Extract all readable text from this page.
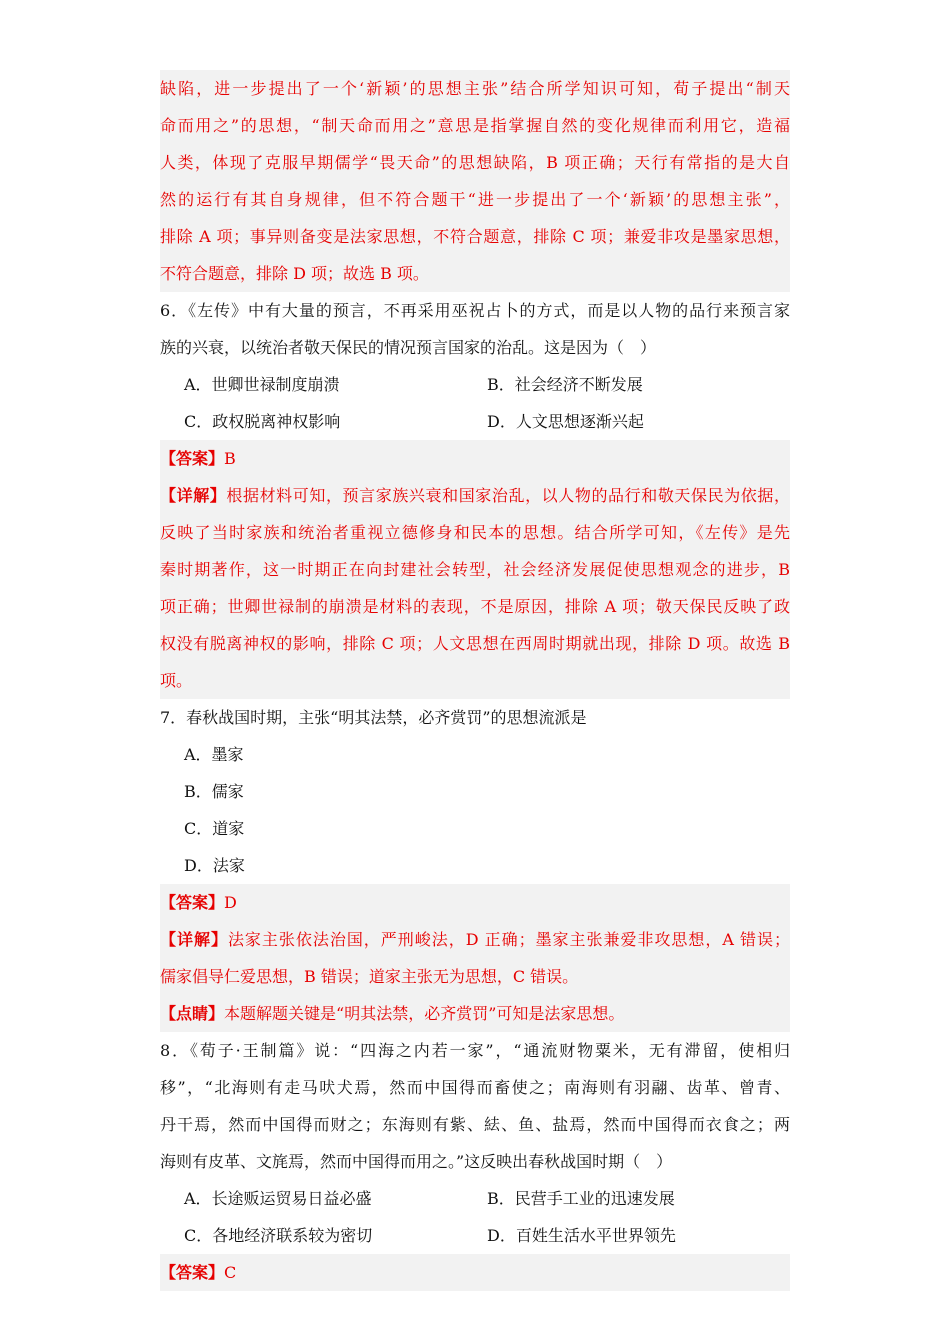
缺陷，进一步提出了一个‘新颖’的思想主张”结合所学知识可知，荀子提出“制天
命而用之”的思想，“制天命而用之”意思是指掌握自然的变化规律而利用它，造福
人类，体现了克服早期儒学“畏天命”的思想缺陷，B 项正确；天行有常指的是大自
然的运行有其自身规律，但不符合题干“进一步提出了一个‘新颖’的思想主张”，
排除 A 项；事异则备变是法家思想，不符合题意，排除 C 项；兼爱非攻是墨家思想，
不符合题意，排除 D 项；故选 B 项。
6．《左传》中有大量的预言，不再采用巫祝占卜的方式，而是以人物的品行来预言家
族的兴衰，以统治者敬天保民的情况预言国家的治乱。这是因为（　）
A．世卿世禄制度崩溃	B．社会经济不断发展
C．政权脱离神权影响	D．人文思想逐渐兴起
【答案】B
【详解】根据材料可知，预言家族兴衰和国家治乱，以人物的品行和敬天保民为依据，
反映了当时家族和统治者重视立德修身和民本的思想。结合所学可知，《左传》是先
秦时期著作，这一时期正在向封建社会转型，社会经济发展促使思想观念的进步，B
项正确；世卿世禄制的崩溃是材料的表现，不是原因，排除 A 项；敬天保民反映了政
权没有脱离神权的影响，排除 C 项；人文思想在西周时期就出现，排除 D 项。故选 B
项。
7．春秋战国时期，主张“明其法禁，必齐赏罚”的思想流派是
A．墨家
B．儒家
C．道家
D．法家
【答案】D
【详解】法家主张依法治国，严刑峻法，D 正确；墨家主张兼爱非攻思想，A 错误；
儒家倡导仁爱思想，B 错误；道家主张无为思想，C 错误。
【点睛】本题解题关键是“明其法禁，必齐赏罚”可知是法家思想。
8．《荀子·王制篇》说：“四海之内若一家”，“通流财物粟米，无有滞留，使相归
移”，“北海则有走马吠犬焉，然而中国得而畜使之；南海则有羽翮、齿革、曾青、
丹干焉，然而中国得而财之；东海则有紫、紶、鱼、盐焉，然而中国得而衣食之；两
海则有皮革、文旄焉，然而中国得而用之。”这反映出春秋战国时期（　）
A．长途贩运贸易日益必盛	B．民营手工业的迅速发展
C．各地经济联系较为密切	D．百姓生活水平世界领先
【答案】C
